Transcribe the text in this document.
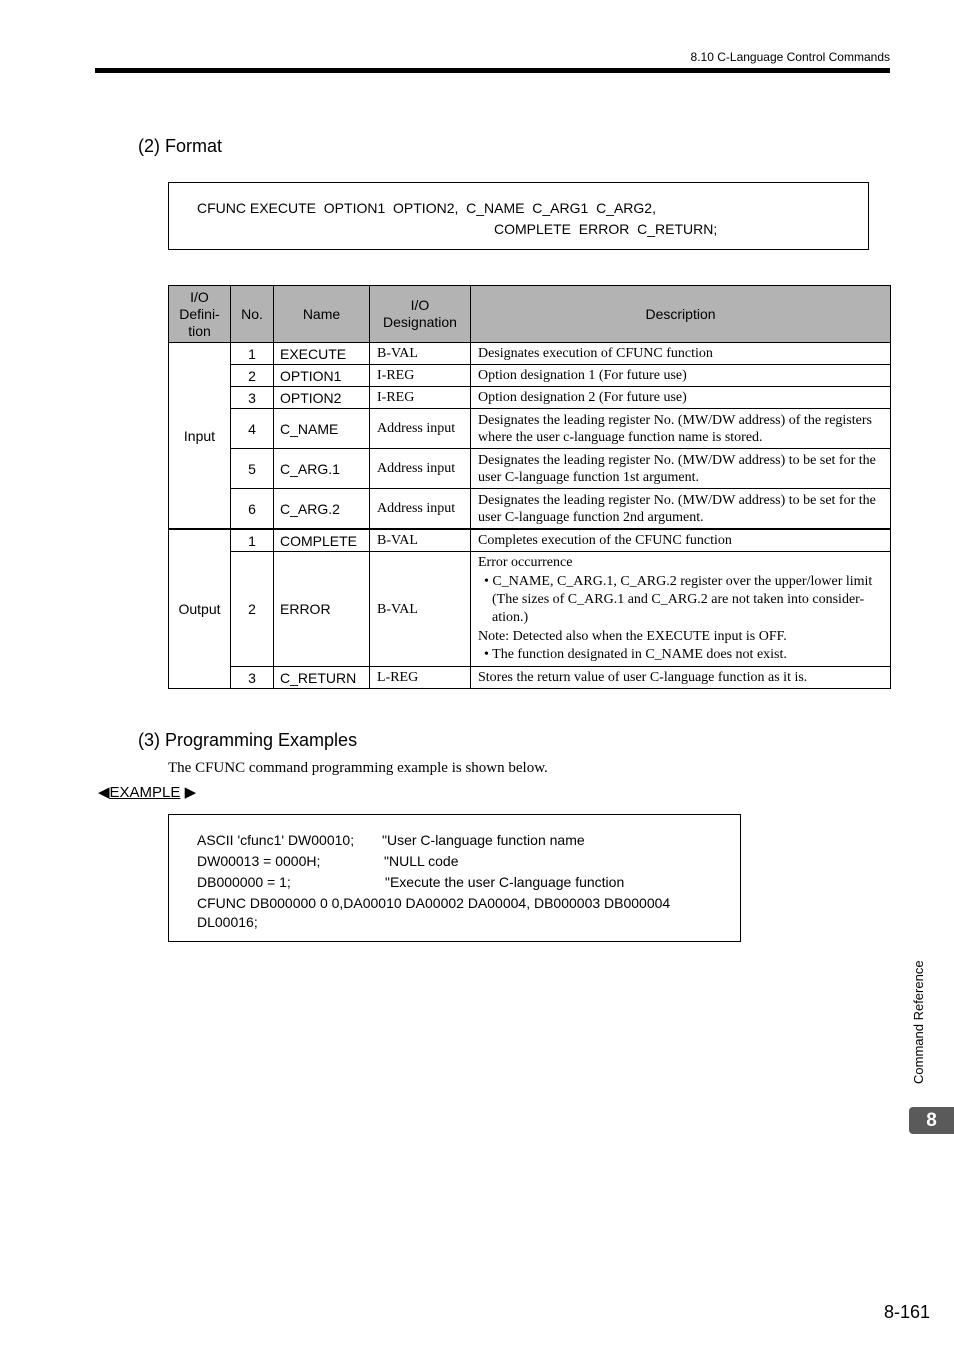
8.10 C-Language Control Commands
(2) Format
CFUNC EXECUTE  OPTION1  OPTION2,  C_NAME  C_ARG1  C_ARG2,
COMPLETE  ERROR  C_RETURN;
I/O Defini- tion	No.	Name	I/O Designation	Description
Input	1	EXECUTE	B-VAL	Designates execution of CFUNC function
	2	OPTION1	I-REG	Option designation 1 (For future use)
	3	OPTION2	I-REG	Option designation 2 (For future use)
	4	C_NAME	Address input	Designates the leading register No. (MW/DW address) of the registers where the user c-language function name is stored.
	5	C_ARG.1	Address input	Designates the leading register No. (MW/DW address) to be set for the user C-language function 1st argument.
	6	C_ARG.2	Address input	Designates the leading register No. (MW/DW address) to be set for the user C-language function 2nd argument.
Output	1	COMPLETE	B-VAL	Completes execution of the CFUNC function
	2	ERROR	B-VAL	Error occurrence
• C_NAME, C_ARG.1, C_ARG.2 register over the upper/lower limit (The sizes of C_ARG.1 and C_ARG.2 are not taken into consider- ation.)
Note: Detected also when the EXECUTE input is OFF.
• The function designated in C_NAME does not exist.

	3	C_RETURN	L-REG	Stores the return value of user C-language function as it is.
(3) Programming Examples
The CFUNC command programming example is shown below.
◀EXAMPLE ▶
ASCII 'cfunc1' DW00010; "User C-language function name
DW00013 = 0000H;	"NULL code
DB000000 = 1;	"Execute the user C-language function
CFUNC DB000000 0 0,DA00010 DA00002 DA00004, DB000003 DB000004
DL00016;
Command Reference
8
8-161
